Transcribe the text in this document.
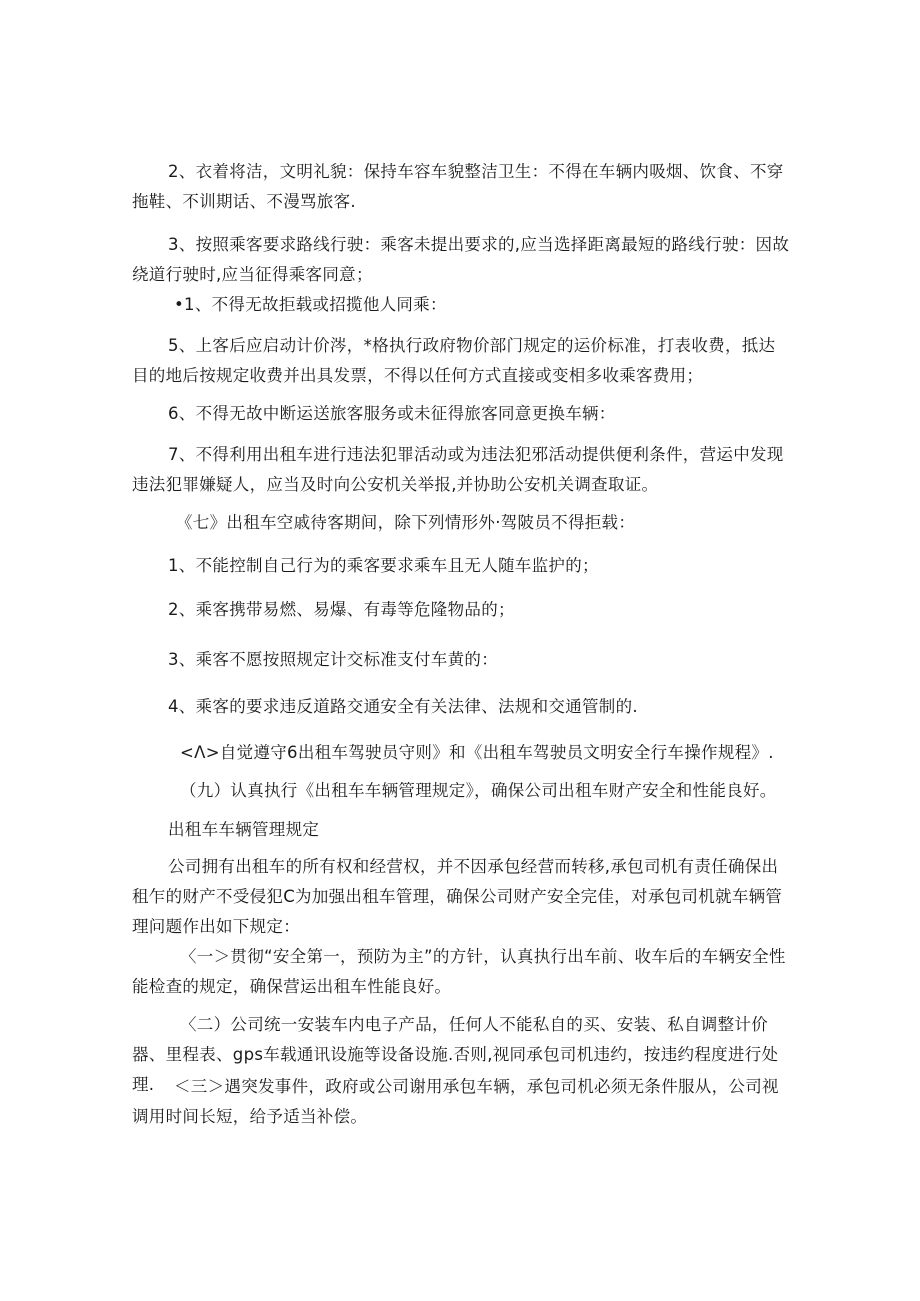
2、衣着将洁，文明礼貌：保持车容车貌整洁卫生：不得在车辆内吸烟、饮食、不穿拖鞋、不训期话、不漫骂旅客.

3、按照乘客要求路线行驶：乘客未提出要求的,应当选择距离最短的路线行驶：因故绕道行驶时,应当征得乘客同意；

•1、不得无故拒载或招揽他人同乘：

5、上客后应启动计价涔，*格执行政府物价部门规定的运价标准，打表收费，抵达目的地后按规定收费并出具发票，不得以任何方式直接或变相多收乘客费用；

6、不得无故中断运送旅客服务或未征得旅客同意更换车辆：

7、不得利用出租车进行违法犯罪活动或为违法犯邪活动提供便利条件，营运中发现违法犯罪嫌疑人，应当及时向公安机关举报,并协助公安机关调查取证。

《七》出租车空戚待客期间，除下列情形外·驾陂员不得拒载：

1、不能控制自己行为的乘客要求乘车且无人随车监护的；

2、乘客携带易燃、易爆、有毒等危隆物品的；

3、乘客不愿按照规定计交标准支付车黄的：

4、乘客的要求违反道路交通安全有关法律、法规和交通管制的.

<Λ>自觉遵守6出租车驾驶员守则》和《出租车驾驶员文明安全行车操作规程》.

（九）认真执行《出租车车辆管理规定》，确保公司出租车财产安全和性能良好。

出租车车辆管理规定

公司拥有出租车的所有权和经营权，并不因承包经营而转移,承包司机有责任确保出租乍的财产不受侵犯C为加强出租车管理，确保公司财产安全完佳，对承包司机就车辆管理问题作出如下规定：

〈一＞贯彻“安全第一，预防为主”的方针，认真执行出车前、收车后的车辆安全性能检查的规定，确保营运出租车性能良好。

〈二）公司统一安装车内电子产品，任何人不能私自的买、安装、私自调整计价器、里程表、gps车载通讯设施等设备设施.否则,视同承包司机违约，按违约程度进行处理.	＜三＞遇突发事件，政府或公司谢用承包车辆，承包司机必须无条件服从，公司视调用时间长短，给予适当补偿。
